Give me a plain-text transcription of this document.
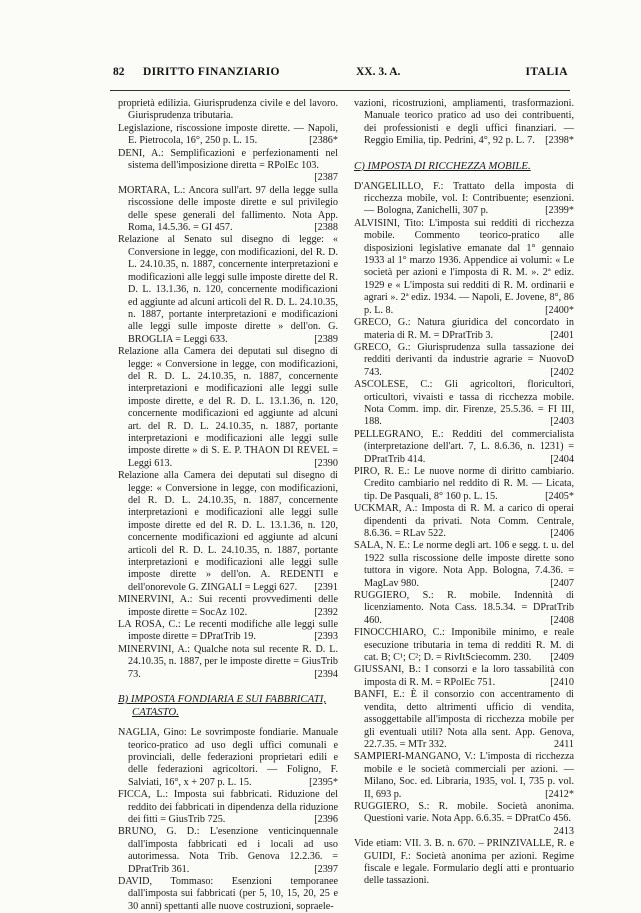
82 DIRITTO FINANZIARIO	XX. 3. A.	ITALIA

proprietà edilizia. Giurisprudenza civile e del lavoro. Giurisprudenza tributaria.

Legislazione, riscossione imposte dirette. — Napoli, E. Pietrocola, 16°, 250 p. L. 15.	[2386*

DENI, A.: Semplificazioni e perfezionamenti nel sistema dell'imposizione diretta = RPolEc 103.
[2387

MORTARA, L.: Ancora sull'art. 97 della legge sulla riscossione delle imposte dirette e sul privilegio delle spese generali del fallimento. Nota App. Roma, 14.5.36. = GI 457.	[2388

Relazione al Senato sul disegno di legge: « Conversione in legge, con modificazioni, del R. D. L. 24.10.35, n. 1887, concernente interpretazioni e modificazioni alle leggi sulle imposte dirette del R. D. L. 13.1.36, n. 120, concernente modificazioni ed aggiunte ad alcuni articoli del R. D. L. 24.10.35, n. 1887, portante interpretazioni e modificazioni alle leggi sulle imposte dirette » dell'on. G. BROGLIA = Leggi 633.	[2389

Relazione alla Camera dei deputati sul disegno di legge: « Conversione in legge, con modificazioni, del R. D. L. 24.10.35, n. 1887, concernente interpretazioni e modificazioni alle leggi sulle imposte dirette, e del R. D. L. 13.1.36, n. 120, concernente modificazioni ed aggiunte ad alcuni art. del R. D. L. 24.10.35, n. 1887, portante interpretazioni e modificazioni alle leggi sulle imposte dirette » di S. E. P. THAON DI REVEL = Leggi 613.	[2390

Relazione alla Camera dei deputati sul disegno di legge: « Conversione in legge, con modificazioni, del R. D. L. 24.10.35, n. 1887, concernente interpretazioni e modificazioni alle leggi sulle imposte dirette ed del R. D. L. 13.1.36, n. 120, concernente modificazioni ed aggiunte ad alcuni articoli del R. D. L. 24.10.35, n. 1887, portante interpretazioni e modificazioni alle leggi sulle imposte dirette » dell'on. A. REDENTI e dell'onorevole G. ZINGALI = Leggi 627. [2391

MINERVINI, A.: Sui recenti provvedimenti delle imposte dirette = SocAz 102.	[2392

LA ROSA, C.: Le recenti modifiche alle leggi sulle imposte dirette = DPratTrib 19.	[2393

MINERVINI, A.: Qualche nota sul recente R. D. L. 24.10.35, n. 1887, per le imposte dirette = GiusTrib 73.	[2394

B) IMPOSTA FONDIARIA E SUI FABBRICATI, CATASTO.

NAGLIA, Gino: Le sovrimposte fondiarie. Manuale teorico-pratico ad uso degli uffici comunali e provinciali, delle federazioni proprietari edili e delle federazioni agricoltori. — Foligno, F. Salviati, 16°, x + 207 p. L. 15.	[2395*

FICCA, L.: Imposta sui fabbricati. Riduzione del reddito dei fabbricati in dipendenza della riduzione dei fitti = GiusTrib 725.	[2396

BRUNO, G. D.: L'esenzione venticinquennale dall'imposta fabbricati ed i locali ad uso autorimessa. Nota Trib. Genova 12.2.36. = DPratTrib 361.	[2397

DAVID, Tommaso: Esenzioni temporanee dall'imposta sui fabbricati (per 5, 10, 15, 20, 25 e 30 anni) spettanti alle nuove costruzioni, sopraele-

vazioni, ricostruzioni, ampliamenti, trasformazioni. Manuale teorico pratico ad uso dei contribuenti, dei professionisti e degli uffici finanziari. — Reggio Emilia, tip. Pedrini, 4°, 92 p. L. 7. [2398*

C) IMPOSTA DI RICCHEZZA MOBILE.

D'ANGELILLO, F.: Trattato della imposta di ricchezza mobile, vol. I: Contribuente; esenzioni. — Bologna, Zanichelli, 307 p.	[2399*

ALVISINI, Tito: L'imposta sui redditi di ricchezza mobile. Commento teorico-pratico alle disposizioni legislative emanate dal 1° gennaio 1933 al 1° marzo 1936. Appendice ai volumi: « Le società per azioni e l'imposta di R. M. ». 2ª ediz. 1929 e « L'imposta sui redditi di R. M. ordinarii e agrari ». 2ª ediz. 1934. — Napoli, E. Jovene, 8°, 86 p. L. 8.	[2400*

GRECO, G.: Natura giuridica del concordato in materia di R. M. = DPratTrib 3.	[2401

GRECO, G.: Giurisprudenza sulla tassazione dei redditi derivanti da industrie agrarie = NuovoD 743.	[2402

ASCOLESE, C.: Gli agricoltori, floricultori, orticultori, vivaisti e tassa di ricchezza mobile. Nota Comm. imp. dir. Firenze, 25.5.36. = FI III, 188.	[2403

PELLEGRANO, E.: Redditi del commercialista (interpretazione dell'art. 7, L. 8.6.36, n. 1231) = DPratTrib 414.	[2404

PIRO, R. E.: Le nuove norme di diritto cambiario. Credito cambiario nel reddito di R. M. — Licata, tip. De Pasquali, 8° 160 p. L. 15.	[2405*

UCKMAR, A.: Imposta di R. M. a carico di operai dipendenti da privati. Nota Comm. Centrale, 8.6.36. = RLav 522.	[2406

SALA, N. E.: Le norme degli art. 106 e segg. t. u. del 1922 sulla riscossione delle imposte dirette sono tuttora in vigore. Nota App. Bologna, 7.4.36. = MagLav 980.	[2407

RUGGIERO, S.: R. mobile. Indennità di licenziamento. Nota Cass. 18.5.34. = DPratTrib 460.	[2408

FINOCCHIARO, C.: Imponibile minimo, e reale esecuzione tributaria in tema di redditi R. M. di cat. B; C¹; C²; D. = RivItSciecomm. 230. [2409

GIUSSANI, B.: I consorzi e la loro tassabilità con imposta di R. M. = RPolEc 751.	[2410

BANFI, E.: È il consorzio con accentramento di vendita, detto altrimenti ufficio di vendita, assoggettabile all'imposta di ricchezza mobile per gli eventuali utili? Nota alla sent. App. Genova, 22.7.35. = MTr 332.	2411

SAMPIERI-MANGANO, V.: L'imposta di ricchezza mobile e le società commerciali per azioni. — Milano, Soc. ed. Libraria, 1935, vol. I, 735 p. vol. II, 693 p.	[2412*

RUGGIERO, S.: R. mobile. Società anonima. Questioni varie. Nota App. 6.6.35. = DPratCo 456.
2413

Vide etiam: VII. 3. B. n. 670. – PRINZIVALLE, R. e GUIDI, F.: Società anonima per azioni. Regime fiscale e legale. Formulario degli atti e prontuario delle tassazioni.
